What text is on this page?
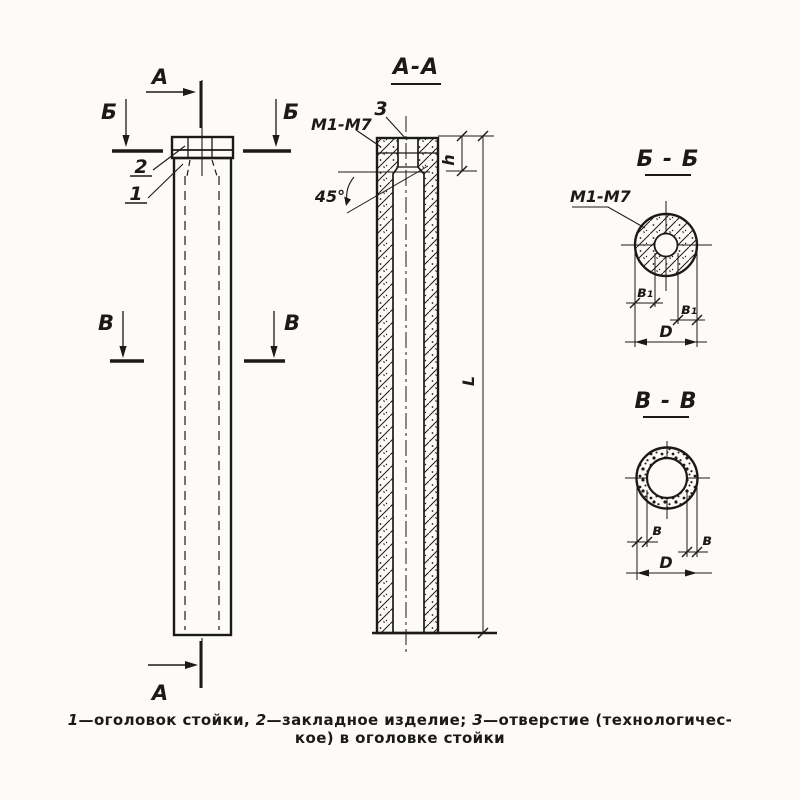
А
А
Б	Б
В	В
2
1
А-А
3
М1-М7
45°
h
L
Б - Б
М1-М7
в₁
в₁
D
В - В
в
в
D
1—оголовок стойки, 2—закладное изделие; 3—отверстие (технологичес-
кое) в оголовке стойки
